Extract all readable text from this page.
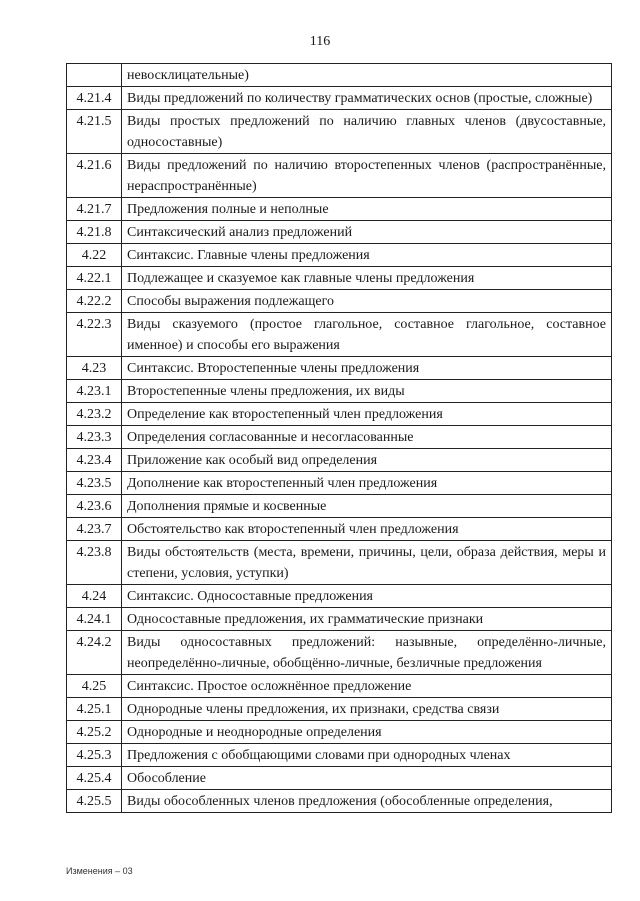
116
	невосклицательные)
4.21.4	Виды предложений по количеству грамматических основ (простые, сложные)
4.21.5	Виды простых предложений по наличию главных членов (двусоставные, односоставные)
4.21.6	Виды предложений по наличию второстепенных членов (распространённые, нераспространённые)
4.21.7	Предложения полные и неполные
4.21.8	Синтаксический анализ предложений
4.22	Синтаксис. Главные члены предложения
4.22.1	Подлежащее и сказуемое как главные члены предложения
4.22.2	Способы выражения подлежащего
4.22.3	Виды сказуемого (простое глагольное, составное глагольное, составное именное) и способы его выражения
4.23	Синтаксис. Второстепенные члены предложения
4.23.1	Второстепенные члены предложения, их виды
4.23.2	Определение как второстепенный член предложения
4.23.3	Определения согласованные и несогласованные
4.23.4	Приложение как особый вид определения
4.23.5	Дополнение как второстепенный член предложения
4.23.6	Дополнения прямые и косвенные
4.23.7	Обстоятельство как второстепенный член предложения
4.23.8	Виды обстоятельств (места, времени, причины, цели, образа действия, меры и степени, условия, уступки)
4.24	Синтаксис. Односоставные предложения
4.24.1	Односоставные предложения, их грамматические признаки
4.24.2	Виды односоставных предложений: назывные, определённо-личные, неопределённо-личные, обобщённо-личные, безличные предложения
4.25	Синтаксис. Простое осложнённое предложение
4.25.1	Однородные члены предложения, их признаки, средства связи
4.25.2	Однородные и неоднородные определения
4.25.3	Предложения с обобщающими словами при однородных членах
4.25.4	Обособление
4.25.5	Виды обособленных членов предложения (обособленные определения,
Изменения – 03
